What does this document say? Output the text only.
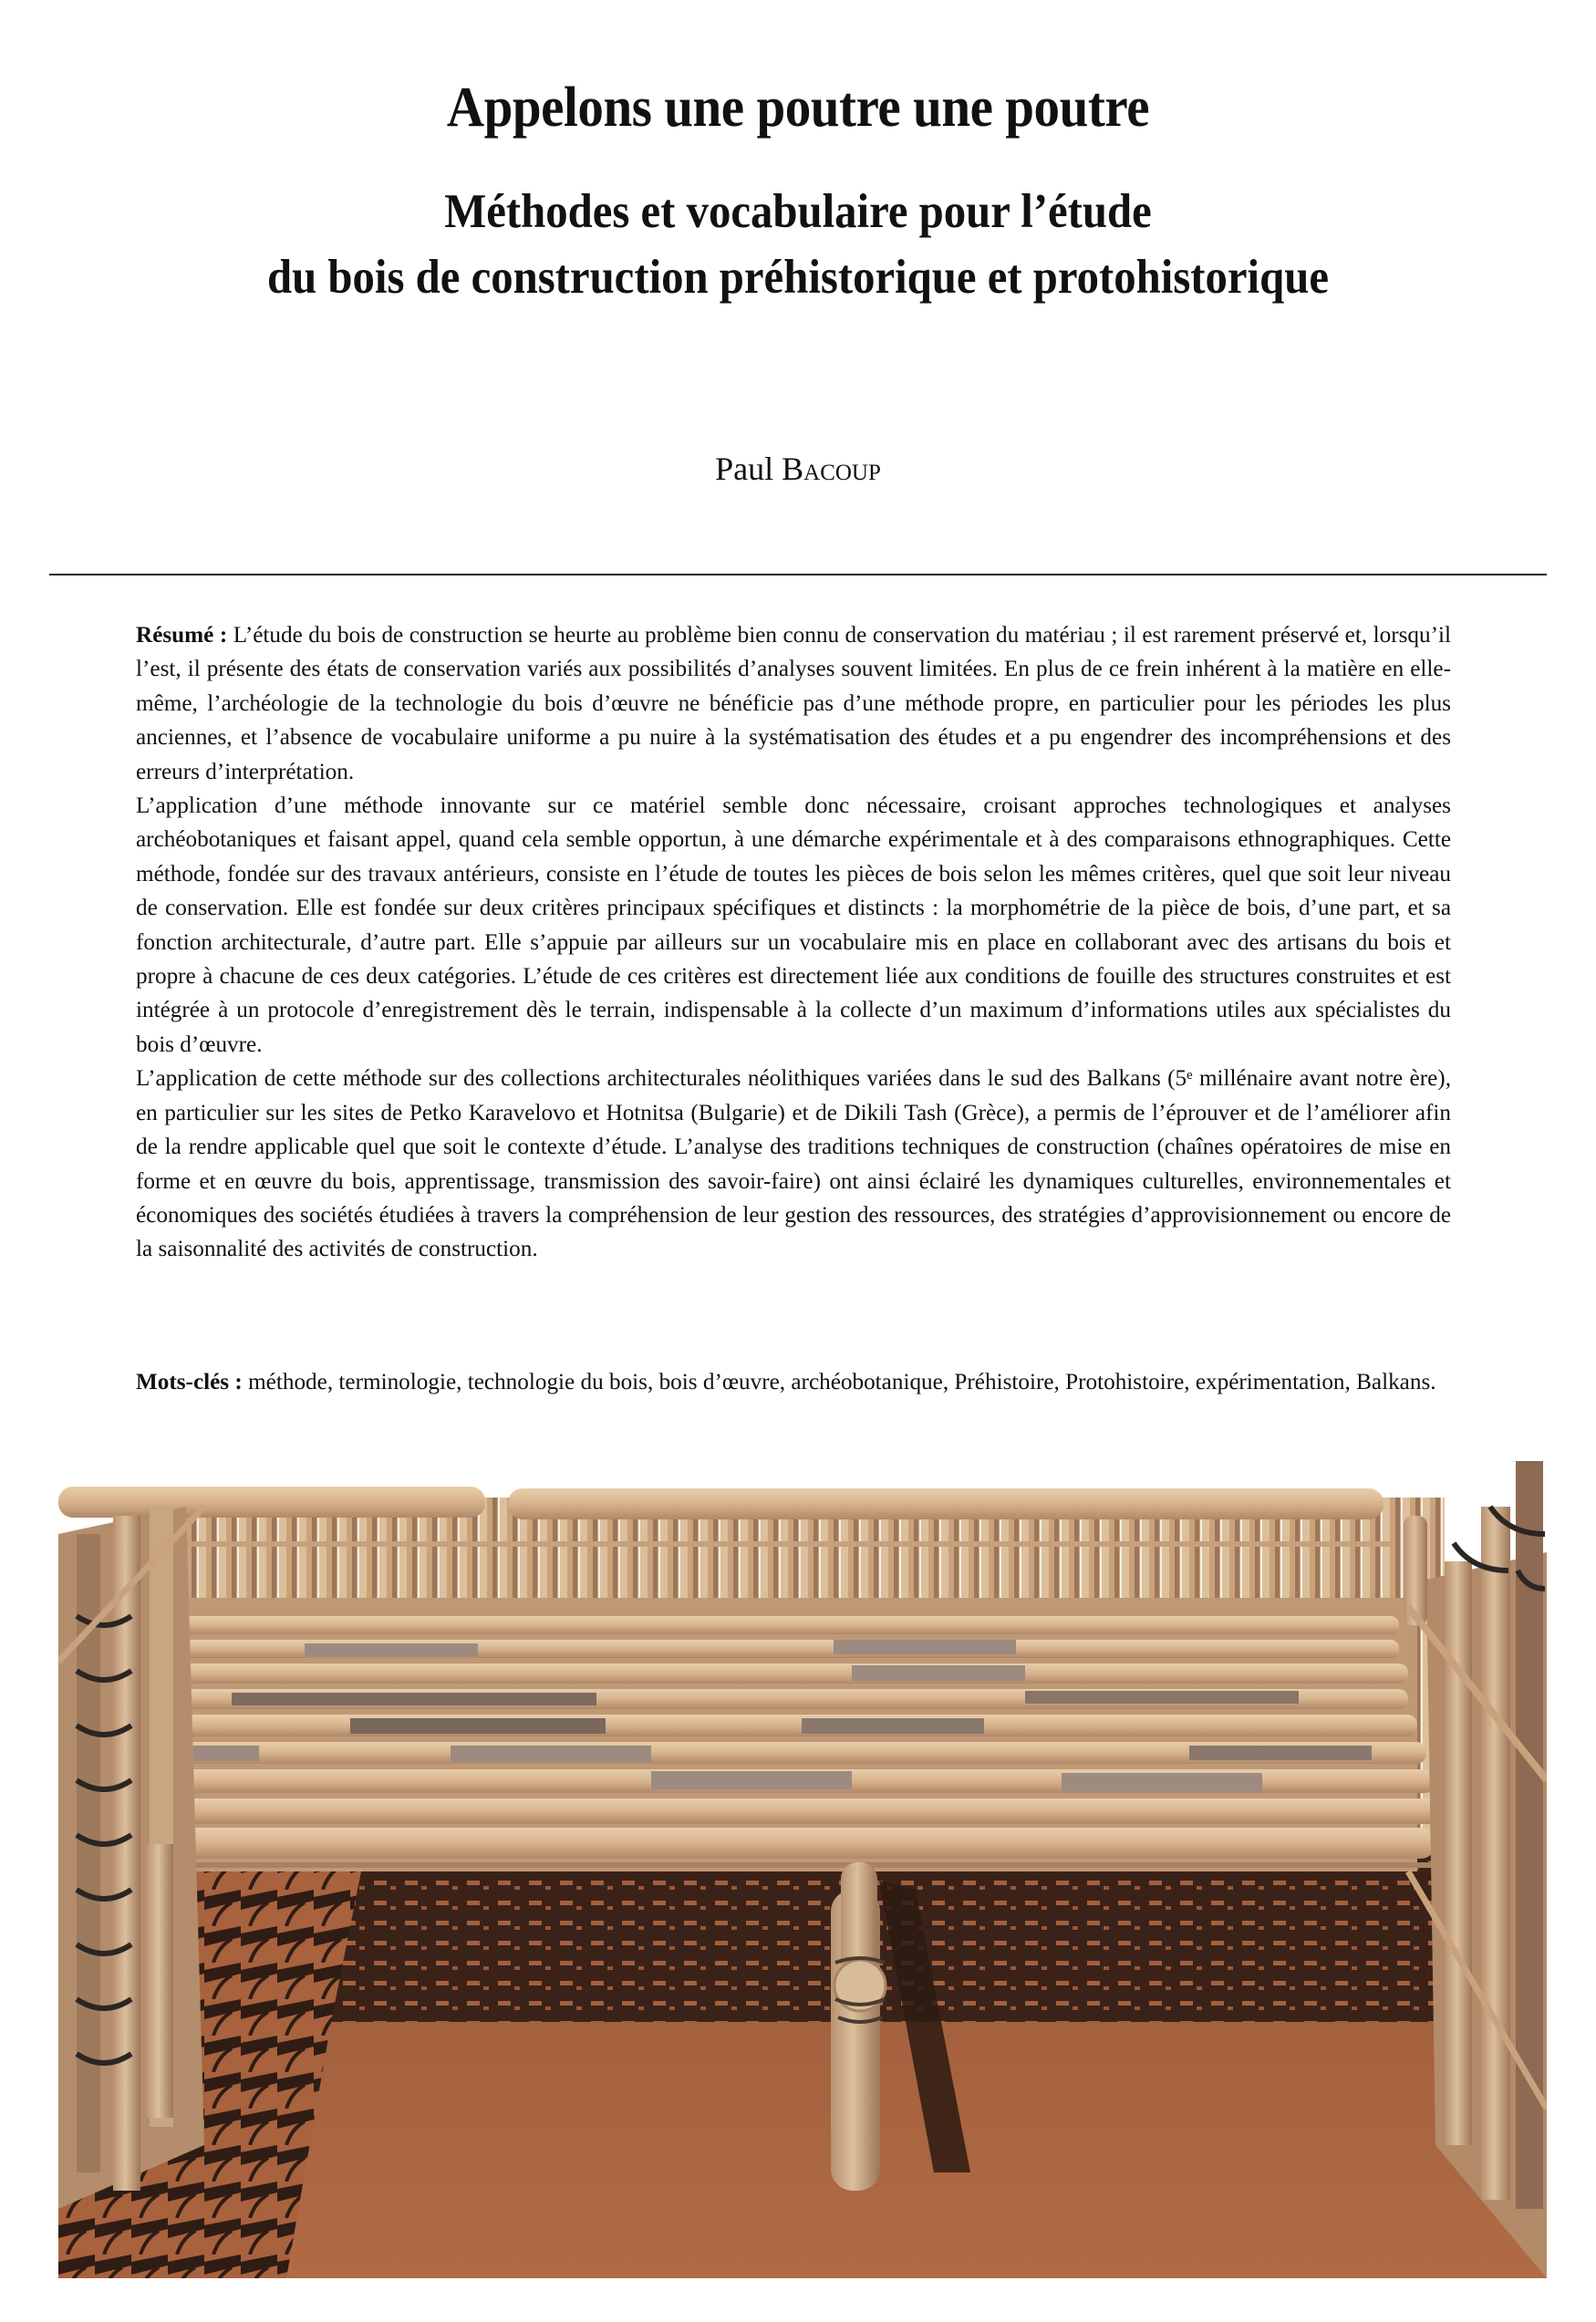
Appelons une poutre une poutre
Méthodes et vocabulaire pour l’étude
du bois de construction préhistorique et protohistorique
Paul Bacoup

Résumé : L’étude du bois de construction se heurte au problème bien connu de conservation du matériau ; il est rarement préservé et, lorsqu’il l’est, il présente des états de conservation variés aux possibilités d’analyses souvent limitées. En plus de ce frein inhérent à la matière en elle-même, l’archéologie de la technologie du bois d’œuvre ne bénéficie pas d’une méthode propre, en particulier pour les périodes les plus anciennes, et l’absence de vocabulaire uniforme a pu nuire à la systématisation des études et a pu engendrer des incompréhensions et des erreurs d’interprétation.

L’application d’une méthode innovante sur ce matériel semble donc nécessaire, croisant approches technologiques et analyses archéobotaniques et faisant appel, quand cela semble opportun, à une démarche expérimentale et à des comparaisons ethnographiques. Cette méthode, fondée sur des travaux antérieurs, consiste en l’étude de toutes les pièces de bois selon les mêmes critères, quel que soit leur niveau de conservation. Elle est fondée sur deux critères principaux spécifiques et distincts : la morphométrie de la pièce de bois, d’une part, et sa fonction architecturale, d’autre part. Elle s’appuie par ailleurs sur un vocabulaire mis en place en collaborant avec des artisans du bois et propre à chacune de ces deux catégories. L’étude de ces critères est directement liée aux conditions de fouille des structures construites et est intégrée à un protocole d’enregistrement dès le terrain, indispensable à la collecte d’un maximum d’informations utiles aux spécialistes du bois d’œuvre.

L’application de cette méthode sur des collections architecturales néolithiques variées dans le sud des Balkans (5ᵉ millénaire avant notre ère), en particulier sur les sites de Petko Karavelovo et Hotnitsa (Bulgarie) et de Dikili Tash (Grèce), a permis de l’éprouver et de l’améliorer afin de la rendre applicable quel que soit le contexte d’étude. L’analyse des traditions techniques de construction (chaînes opératoires de mise en forme et en œuvre du bois, apprentissage, transmission des savoir-faire) ont ainsi éclairé les dynamiques culturelles, environnementales et économiques des sociétés étudiées à travers la compréhension de leur gestion des ressources, des stratégies d’approvisionnement ou encore de la saisonnalité des activités de construction.

Mots-clés : méthode, terminologie, technologie du bois, bois d’œuvre, archéobotanique, Préhistoire, Protohistoire, expérimentation, Balkans.
